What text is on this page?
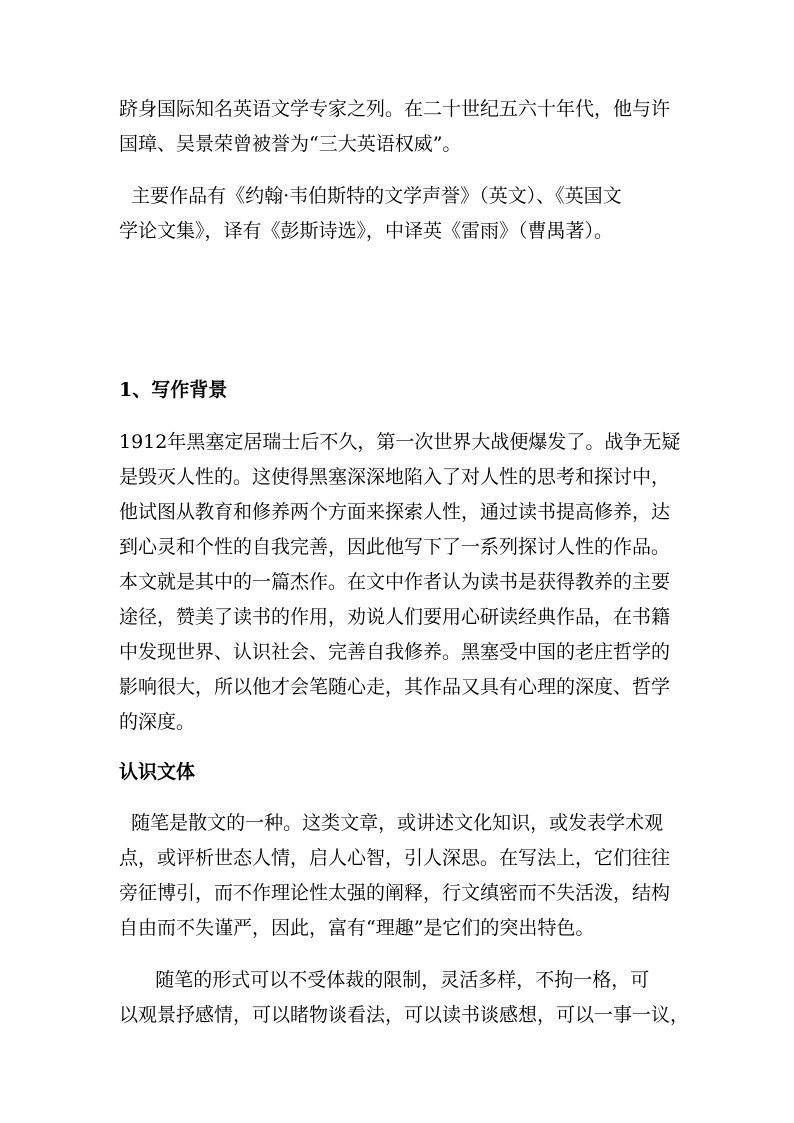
跻身国际知名英语文学专家之列。在二十世纪五六十年代，他与许
国璋、吴景荣曾被誉为“三大英语权威”。
主要作品有《约翰·韦伯斯特的文学声誉》（英文）、《英国文
学论文集》，译有《彭斯诗选》，中译英《雷雨》（曹禺著）。
1、写作背景
1912年黑塞定居瑞士后不久，第一次世界大战便爆发了。战争无疑
是毁灭人性的。这使得黑塞深深地陷入了对人性的思考和探讨中，
他试图从教育和修养两个方面来探索人性，通过读书提高修养，达
到心灵和个性的自我完善，因此他写下了一系列探讨人性的作品。
本文就是其中的一篇杰作。在文中作者认为读书是获得教养的主要
途径，赞美了读书的作用，劝说人们要用心研读经典作品，在书籍
中发现世界、认识社会、完善自我修养。黑塞受中国的老庄哲学的
影响很大，所以他才会笔随心走，其作品又具有心理的深度、哲学
的深度。
认识文体
随笔是散文的一种。这类文章，或讲述文化知识，或发表学术观
点，或评析世态人情，启人心智，引人深思。在写法上，它们往往
旁征博引，而不作理论性太强的阐释，行文缜密而不失活泼，结构
自由而不失谨严，因此，富有“理趣”是它们的突出特色。
随笔的形式可以不受体裁的限制，灵活多样，不拘一格，可
以观景抒感情，可以睹物谈看法，可以读书谈感想，可以一事一议，
